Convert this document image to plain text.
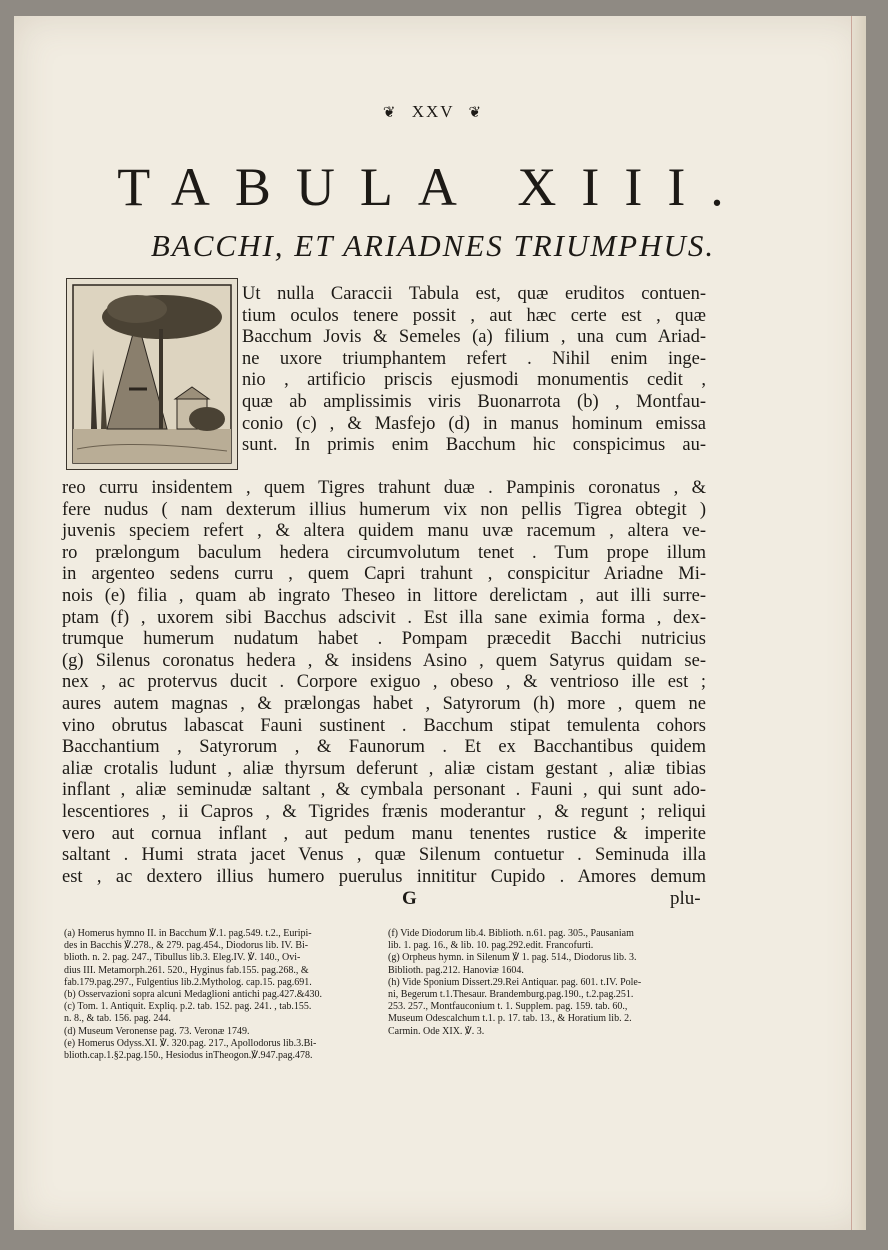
❦ XXV ❦
TABULA XIII.
BACCHI, ET ARIADNES TRIUMPHUS.
Ut nulla Caraccii Tabula est, quæ eruditos contuen-
tium oculos tenere possit , aut hæc certe est , quæ
Bacchum Jovis & Semeles (a) filium , una cum Ariad-
ne uxore triumphantem refert . Nihil enim inge-
nio , artificio priscis ejusmodi monumentis cedit ,
quæ ab amplissimis viris Buonarrota (b) , Montfau-
conio (c) , & Masfejo (d) in manus hominum emissa
sunt. In primis enim Bacchum hic conspicimus au-
reo curru insidentem , quem Tigres trahunt duæ . Pampinis coronatus , &
fere nudus ( nam dexterum illius humerum vix non pellis Tigrea obtegit )
juvenis speciem refert , & altera quidem manu uvæ racemum , altera ve-
ro prælongum baculum hedera circumvolutum tenet . Tum prope illum
in argenteo sedens curru , quem Capri trahunt , conspicitur Ariadne Mi-
nois (e) filia , quam ab ingrato Theseo in littore derelictam , aut illi surre-
ptam (f) , uxorem sibi Bacchus adscivit . Est illa sane eximia forma , dex-
trumque humerum nudatum habet . Pompam præcedit Bacchi nutricius
(g) Silenus coronatus hedera , & insidens Asino , quem Satyrus quidam se-
nex , ac protervus ducit . Corpore exiguo , obeso , & ventrioso ille est ;
aures autem magnas , & prælongas habet , Satyrorum (h) more , quem ne
vino obrutus labascat Fauni sustinent . Bacchum stipat temulenta cohors
Bacchantium , Satyrorum , & Faunorum . Et ex Bacchantibus quidem
aliæ crotalis ludunt , aliæ thyrsum deferunt , aliæ cistam gestant , aliæ tibias
inflant , aliæ seminudæ saltant , & cymbala personant . Fauni , qui sunt ado-
lescentiores , ii Capros , & Tigrides frænis moderantur , & regunt ; reliqui
vero aut cornua inflant , aut pedum manu tenentes rustice & imperite
saltant . Humi strata jacet Venus , quæ Silenum contuetur . Seminuda illa
est , ac dextero illius humero puerulus innititur Cupido . Amores demum
G	plu-
(a) Homerus hymno II. in Bacchum ℣.1. pag.549. t.2., Euripi-
des in Bacchis ℣.278., & 279. pag.454., Diodorus lib. IV. Bi-
blioth. n. 2. pag. 247., Tibullus lib.3. Eleg.IV. ℣. 140., Ovi-
dius III. Metamorph.261. 520., Hyginus fab.155. pag.268., &
fab.179.pag.297., Fulgentius lib.2.Mytholog. cap.15. pag.691.
(b) Osservazioni sopra alcuni Medaglioni antichi pag.427.&430.
(c) Tom. 1. Antiquit. Expliq. p.2. tab. 152. pag. 241. , tab.155.
n. 8., & tab. 156. pag. 244.
(d) Museum Veronense pag. 73. Veronæ 1749.
(e) Homerus Odyss.XI. ℣. 320.pag. 217., Apollodorus lib.3.Bi-
blioth.cap.1.§2.pag.150., Hesiodus inTheogon.℣.947.pag.478.
(f) Vide Diodorum lib.4. Biblioth. n.61. pag. 305., Pausaniam
lib. 1. pag. 16., & lib. 10. pag.292.edit. Francofurti.
(g) Orpheus hymn. in Silenum ℣ 1. pag. 514., Diodorus lib. 3.
Biblioth. pag.212. Hanoviæ 1604.
(h) Vide Sponium Dissert.29.Rei Antiquar. pag. 601. t.IV. Pole-
ni, Begerum t.1.Thesaur. Brandemburg.pag.190., t.2.pag.251.
253. 257., Montfauconium t. 1. Supplem. pag. 159. tab. 60.,
Museum Odescalchum t.1. p. 17. tab. 13., & Horatium lib. 2.
Carmin. Ode XIX. ℣. 3.
